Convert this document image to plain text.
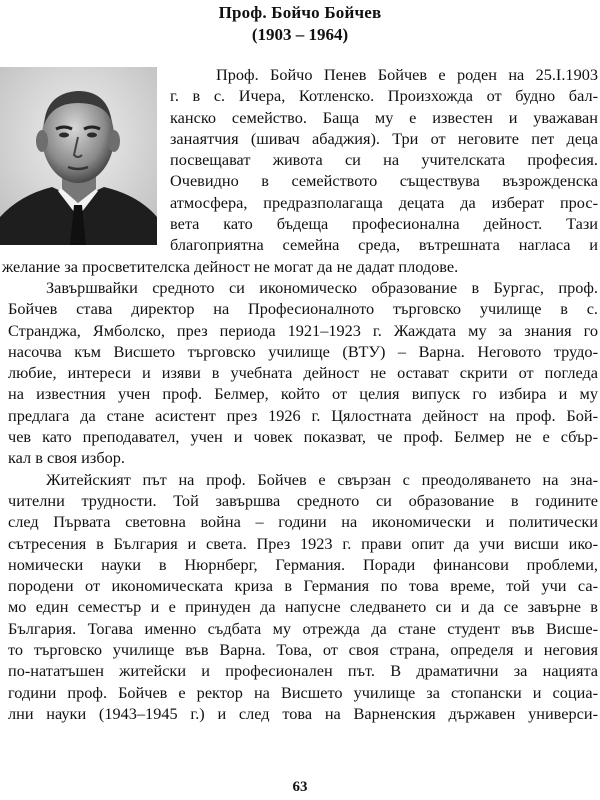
Проф. Бойчо Бойчев
(1903 – 1964)
Проф. Бойчо Пенев Бойчев е роден на 25.I.1903
г. в с. Ичера, Котленско. Произхожда от будно бал-
канско семейство. Баща му е известен и уважаван
занаятчия (шивач абаджия). Три от неговите пет деца
посвещават живота си на учителската професия.
Очевидно в семейството съществува възрожденска
атмосфера, предразполагаща децата да изберат прос-
вета като бъдеща професионална дейност. Тази
благоприятна семейна среда, вътрешната нагласа и
желание за просветителска дейност не могат да не дадат плодове.
Завършвайки средното си икономическо образование в Бургас, проф.
Бойчев става директор на Професионалното търговско училище в с.
Странджа, Ямболско, през периода 1921–1923 г. Жаждата му за знания го
насочва към Висшето търговско училище (ВТУ) – Варна. Неговото трудо-
любие, интереси и изяви в учебната дейност не остават скрити от погледа
на известния учен проф. Белмер, който от целия випуск го избира и му
предлага да стане асистент през 1926 г. Цялостната дейност на проф. Бой-
чев като преподавател, учен и човек показват, че проф. Белмер не е сбър-
кал в своя избор.
Житейският път на проф. Бойчев е свързан с преодоляването на зна-
чителни трудности. Той завършва средното си образование в годините
след Първата световна война – години на икономически и политически
сътресения в България и света. През 1923 г. прави опит да учи висши ико-
номически науки в Нюрнберг, Германия. Поради финансови проблеми,
породени от икономическата криза в Германия по това време, той учи са-
мо един семестър и е принуден да напусне следването си и да се завърне в
България. Тогава именно съдбата му отрежда да стане студент във Висше-
то търговско училище във Варна. Това, от своя страна, определя и неговия
по-нататъшен житейски и професионален път. В драматични за нацията
години проф. Бойчев е ректор на Висшето училище за стопански и социа-
лни науки (1943–1945 г.) и след това на Варненския държавен универси-
63
